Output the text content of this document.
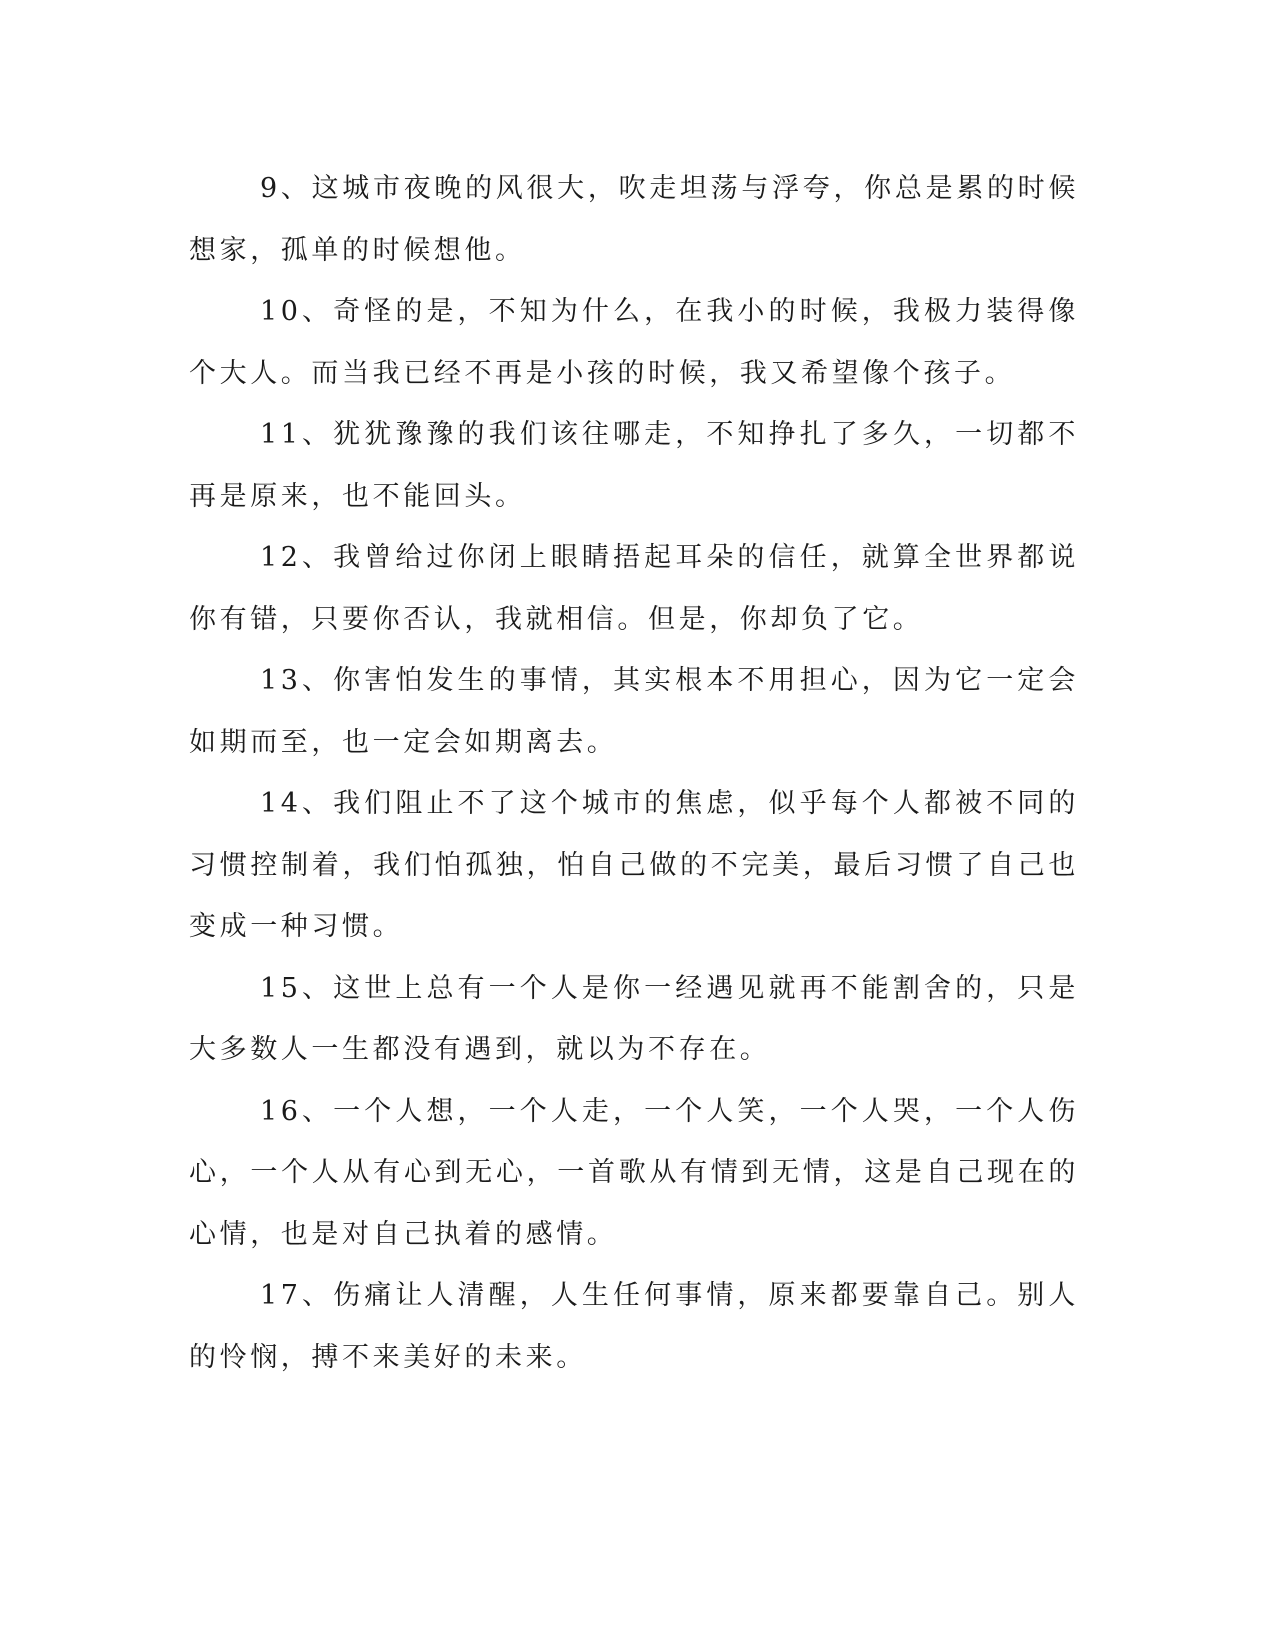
9、这城市夜晚的风很大，吹走坦荡与浮夸，你总是累的时候想家，孤单的时候想他。

10、奇怪的是，不知为什么，在我小的时候，我极力装得像个大人。而当我已经不再是小孩的时候，我又希望像个孩子。

11、犹犹豫豫的我们该往哪走，不知挣扎了多久，一切都不再是原来，也不能回头。

12、我曾给过你闭上眼睛捂起耳朵的信任，就算全世界都说你有错，只要你否认，我就相信。但是，你却负了它。

13、你害怕发生的事情，其实根本不用担心，因为它一定会如期而至，也一定会如期离去。

14、我们阻止不了这个城市的焦虑，似乎每个人都被不同的习惯控制着，我们怕孤独，怕自己做的不完美，最后习惯了自己也变成一种习惯。

15、这世上总有一个人是你一经遇见就再不能割舍的，只是大多数人一生都没有遇到，就以为不存在。

16、一个人想，一个人走，一个人笑，一个人哭，一个人伤心，一个人从有心到无心，一首歌从有情到无情，这是自己现在的心情，也是对自己执着的感情。

17、伤痛让人清醒，人生任何事情，原来都要靠自己。别人的怜悯，搏不来美好的未来。
